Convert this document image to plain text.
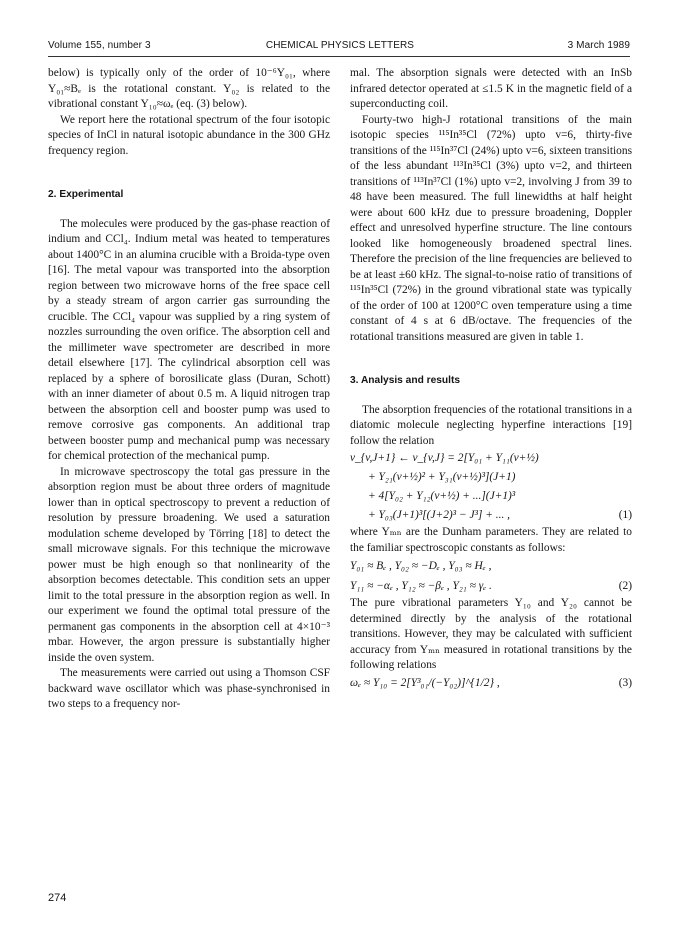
Volume 155, number 3	CHEMICAL PHYSICS LETTERS	3 March 1989

below) is typically only of the order of 10⁻⁶Y₀₁, where Y₀₁≈Bₑ is the rotational constant. Y₀₂ is related to the vibrational constant Y₁₀≈ωₑ (eq. (3) below).

We report here the rotational spectrum of the four isotopic species of InCl in natural isotopic abundance in the 300 GHz frequency region.

2. Experimental

The molecules were produced by the gas-phase reaction of indium and CCl₄. Indium metal was heated to temperatures about 1400°C in an alumina crucible with a Broida-type oven [16]. The metal vapour was transported into the absorption region between two microwave horns of the free space cell by a steady stream of argon carrier gas surrounding the crucible. The CCl₄ vapour was supplied by a ring system of nozzles surrounding the oven orifice. The absorption cell and the millimeter wave spectrometer are described in more detail elsewhere [17]. The cylindrical absorption cell was replaced by a sphere of borosilicate glass (Duran, Schott) with an inner diameter of about 0.5 m. A liquid nitrogen trap between the absorption cell and booster pump was used to remove corrosive gas components. An additional trap between booster pump and mechanical pump was necessary for chemical protection of the mechanical pump.

In microwave spectroscopy the total gas pressure in the absorption region must be about three orders of magnitude lower than in optical spectroscopy to prevent a reduction of resolution by pressure broadening. We used a saturation modulation scheme developed by Törring [18] to detect the small microwave signals. For this technique the microwave power must be high enough so that nonlinearity of the absorption becomes detectable. This condition sets an upper limit to the total pressure in the absorption region as well. In our experiment we found the optimal total pressure of the permanent gas components in the absorption cell at 4×10⁻³ mbar. However, the argon pressure is substantially higher inside the oven system.

The measurements were carried out using a Thomson CSF backward wave oscillator which was phase-synchronised in two steps to a frequency nor-

mal. The absorption signals were detected with an InSb infrared detector operated at ≤1.5 K in the magnetic field of a superconducting coil.

Fourty-two high-J rotational transitions of the main isotopic species ¹¹⁵In³⁵Cl (72%) upto v=6, thirty-five transitions of the ¹¹⁵In³⁷Cl (24%) upto v=6, sixteen transitions of the less abundant ¹¹³In³⁵Cl (3%) upto v=2, and thirteen transitions of ¹¹³In³⁷Cl (1%) upto v=2, involving J from 39 to 48 have been measured. The full linewidths at half height were about 600 kHz due to pressure broadening, Doppler effect and unresolved hyperfine structure. The line contours looked like homogeneously broadened spectral lines. Therefore the precision of the line frequencies are believed to be at least ±60 kHz. The signal-to-noise ratio of transitions of ¹¹⁵In³⁵Cl (72%) in the ground vibrational state was typically of the order of 100 at 1200°C oven temperature using a time constant of 4 s at 6 dB/octave. The frequencies of the rotational transitions measured are given in table 1.

3. Analysis and results

The absorption frequencies of the rotational transitions in a diatomic molecule neglecting hyperfine interactions [19] follow the relation

ν_{v,J+1} ← ν_{v,J} = 2[Y₀₁ + Y₁₁(v+½)
+ Y₂₁(v+½)² + Y₃₁(v+½)³](J+1)
+ 4[Y₀₂ + Y₁₂(v+½) + ...](J+1)³
+ Y₀₃(J+1)³[(J+2)³ − J³] + ... ,	(1)

where Yₘₙ are the Dunham parameters. They are related to the familiar spectroscopic constants as follows:

Y₀₁ ≈ Bₑ , Y₀₂ ≈ −Dₑ , Y₀₃ ≈ Hₑ ,
Y₁₁ ≈ −αₑ , Y₁₂ ≈ −βₑ , Y₂₁ ≈ γₑ .	(2)

The pure vibrational parameters Y₁₀ and Y₂₀ cannot be determined directly by the analysis of the rotational transitions. However, they may be calculated with sufficient accuracy from Yₘₙ measured in rotational transitions by the following relations

ωₑ ≈ Y₁₀ = 2[Y³₀₁/(−Y₀₂)]^{1/2} ,	(3)
274
